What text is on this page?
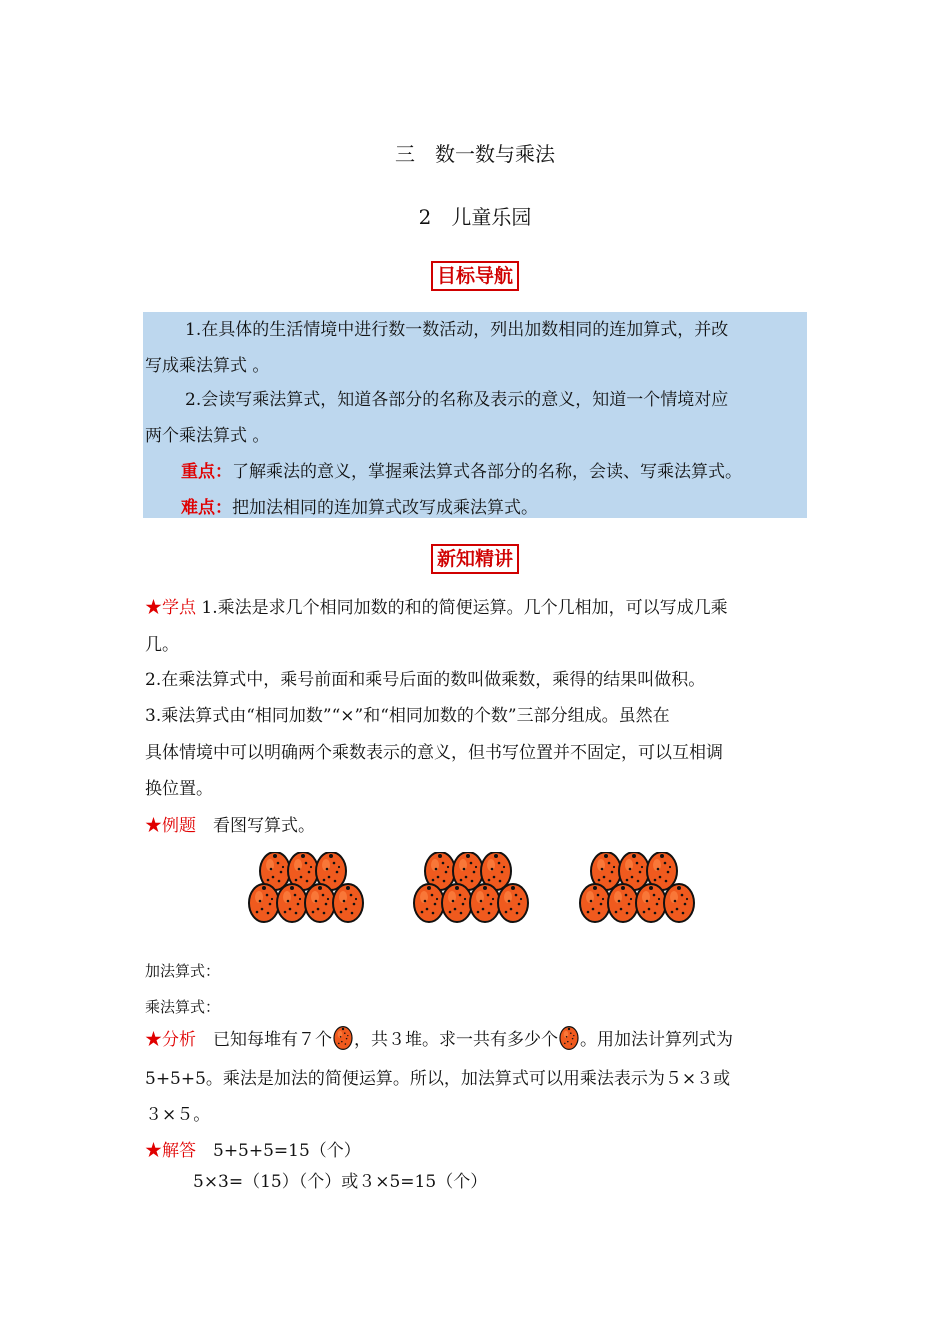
三　数一数与乘法
2　儿童乐园
目标导航

1.在具体的生活情境中进行数一数活动，列出加数相同的连加算式，并改

写成乘法算式 。

2.会读写乘法算式，知道各部分的名称及表示的意义，知道一个情境对应

两个乘法算式 。

重点：了解乘法的意义，掌握乘法算式各部分的名称，会读、写乘法算式。

难点：把加法相同的连加算式改写成乘法算式。

新知精讲
★学点 1.乘法是求几个相同加数的和的简便运算。几个几相加，可以写成几乘
几。
2.在乘法算式中，乘号前面和乘号后面的数叫做乘数，乘得的结果叫做积。
3.乘法算式由“相同加数”“×”和“相同加数的个数”三部分组成。虽然在
具体情境中可以明确两个乘数表示的意义，但书写位置并不固定，可以互相调
换位置。
★例题　看图写算式。
加法算式：
乘法算式：
★分析　已知每堆有７个 ，共３堆。求一共有多少个 。用加法计算列式为
5+5+5。乘法是加法的简便运算。所以，加法算式可以用乘法表示为５×３或
３×５。
★解答　5+5+5=15（个）
5×3=（15）（个）或３×5=15（个）
